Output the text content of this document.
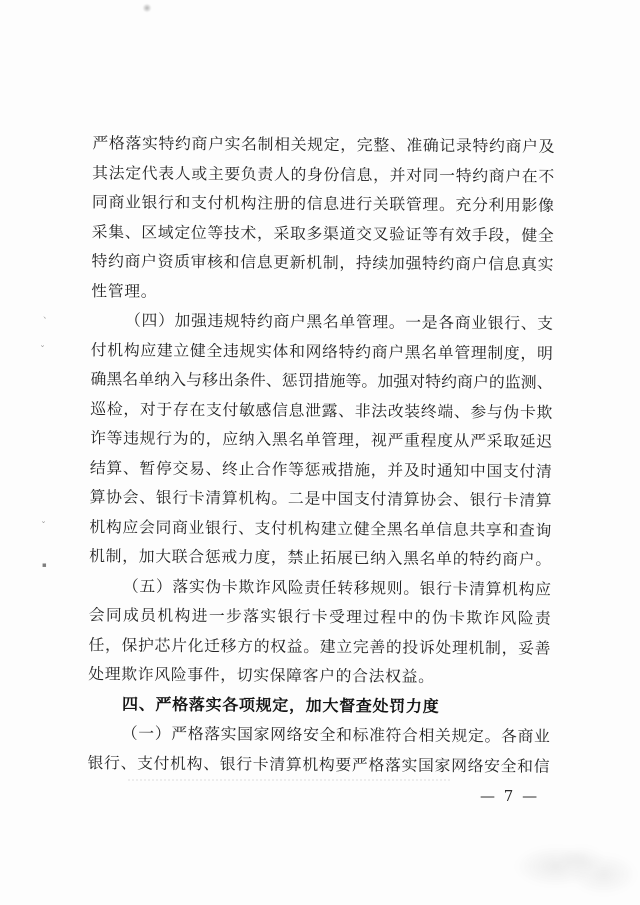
严格落实特约商户实名制相关规定，完整、准确记录特约商户及
其法定代表人或主要负责人的身份信息，并对同一特约商户在不
同商业银行和支付机构注册的信息进行关联管理。充分利用影像
采集、区域定位等技术，采取多渠道交叉验证等有效手段，健全
特约商户资质审核和信息更新机制，持续加强特约商户信息真实
性管理。
（四）加强违规特约商户黑名单管理。一是各商业银行、支
付机构应建立健全违规实体和网络特约商户黑名单管理制度，明
确黑名单纳入与移出条件、惩罚措施等。加强对特约商户的监测、
巡检，对于存在支付敏感信息泄露、非法改装终端、参与伪卡欺
诈等违规行为的，应纳入黑名单管理，视严重程度从严采取延迟
结算、暂停交易、终止合作等惩戒措施，并及时通知中国支付清
算协会、银行卡清算机构。二是中国支付清算协会、银行卡清算
机构应会同商业银行、支付机构建立健全黑名单信息共享和查询
机制，加大联合惩戒力度，禁止拓展已纳入黑名单的特约商户。
（五）落实伪卡欺诈风险责任转移规则。银行卡清算机构应
会同成员机构进一步落实银行卡受理过程中的伪卡欺诈风险责
任，保护芯片化迁移方的权益。建立完善的投诉处理机制，妥善
处理欺诈风险事件，切实保障客户的合法权益。
四、严格落实各项规定，加大督查处罚力度
（一）严格落实国家网络安全和标准符合相关规定。各商业
银行、支付机构、银行卡清算机构要严格落实国家网络安全和信
— 7 —
、
ˇ
ˇ
▪
